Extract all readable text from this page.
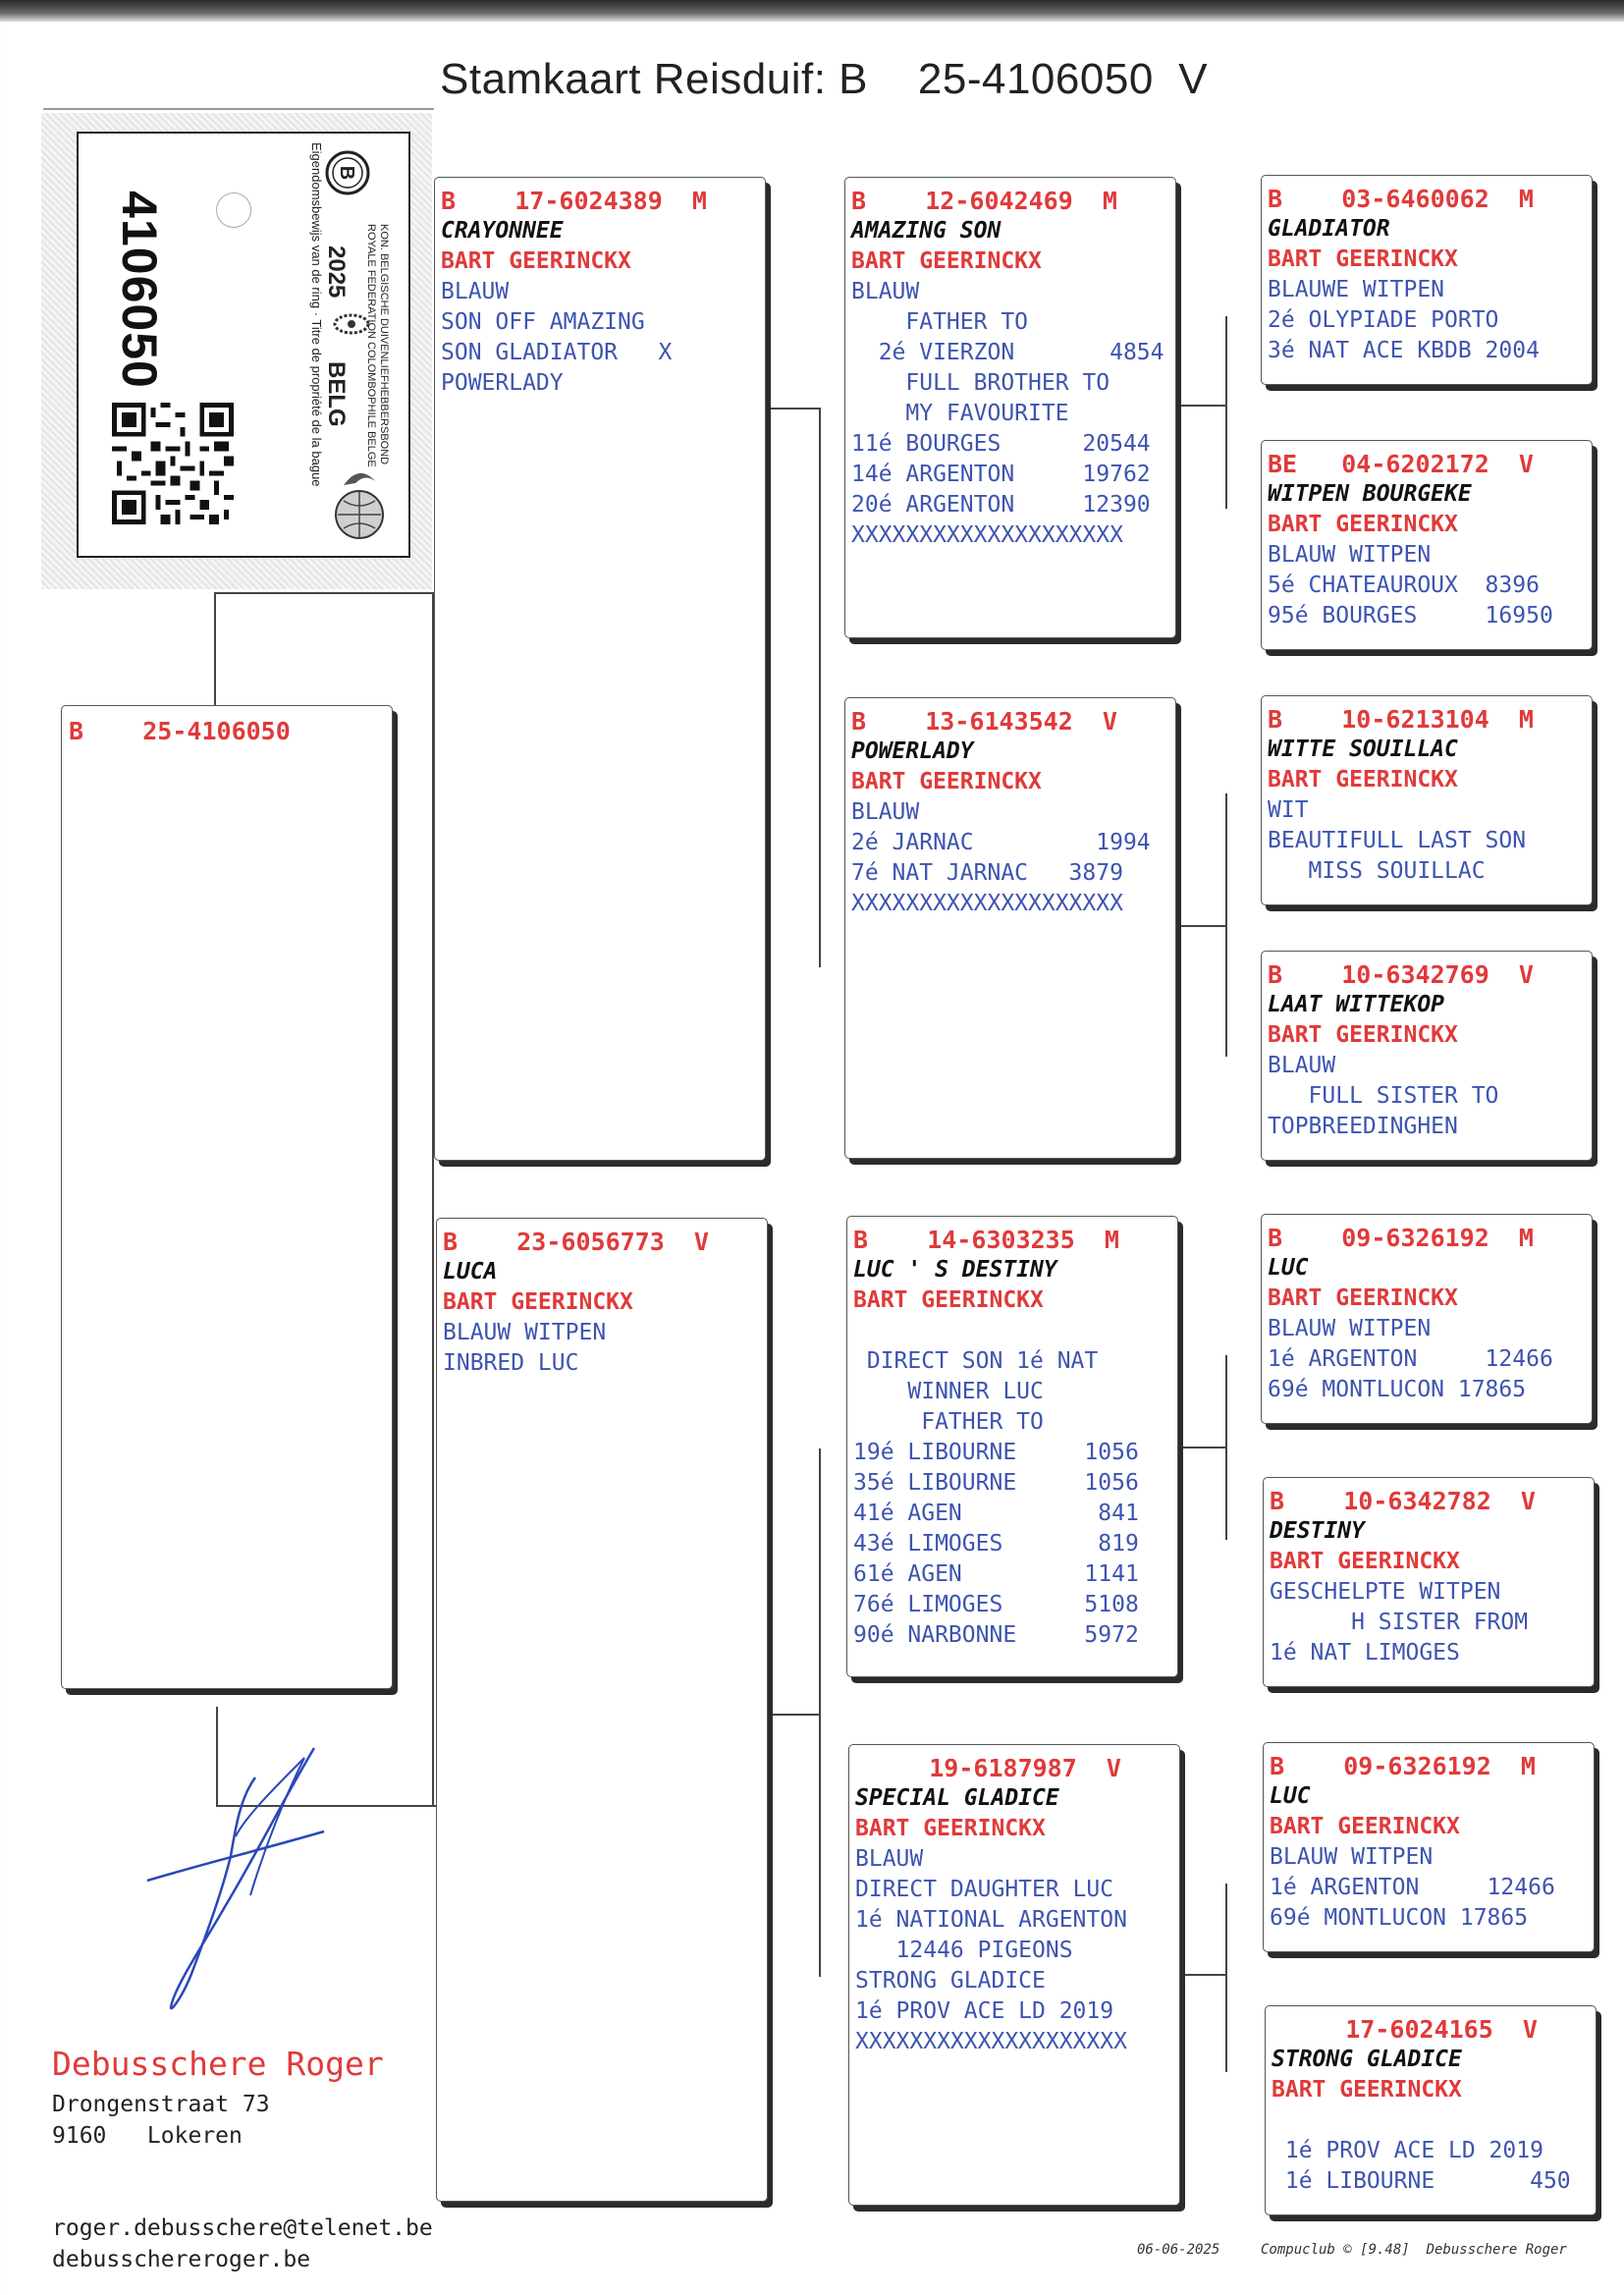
Stamkaart Reisduif: B    25-4106050  V
4106050	Eigendomsbewijs van de ring · Titre de propriété de la bague B
KON. BELGISCHE DUIVENLIEFHEBBERSBOND
ROYALE FEDERATION COLOMBOPHILE BELGE
2025
BELG
B    25-4106050
B    17-6024389  M
CRAYONNEE
BART GEERINCKX
BLAUW
SON OFF AMAZING
SON GLADIATOR   X
POWERLADY
B    23-6056773  V
LUCA
BART GEERINCKX
BLAUW WITPEN
INBRED LUC
B    12-6042469  M
AMAZING SON
BART GEERINCKX
BLAUW
FATHER TO
2é VIERZON       4854
FULL BROTHER TO
MY FAVOURITE
11é BOURGES      20544
14é ARGENTON     19762
20é ARGENTON     12390
XXXXXXXXXXXXXXXXXXXX
B    13-6143542  V
POWERLADY
BART GEERINCKX
BLAUW
2é JARNAC         1994
7é NAT JARNAC   3879
XXXXXXXXXXXXXXXXXXXX
B    14-6303235  M
LUC ' S DESTINY
BART GEERINCKX
DIRECT SON 1é NAT
WINNER LUC
FATHER TO
19é LIBOURNE     1056
35é LIBOURNE     1056
41é AGEN          841
43é LIMOGES       819
61é AGEN         1141
76é LIMOGES      5108
90é NARBONNE     5972
19-6187987  V
SPECIAL GLADICE
BART GEERINCKX
BLAUW
DIRECT DAUGHTER LUC
1é NATIONAL ARGENTON
12446 PIGEONS
STRONG GLADICE
1é PROV ACE LD 2019
XXXXXXXXXXXXXXXXXXXX
B    03-6460062  M
GLADIATOR
BART GEERINCKX
BLAUWE WITPEN
2é OLYPIADE PORTO
3é NAT ACE KBDB 2004
BE   04-6202172  V
WITPEN BOURGEKE
BART GEERINCKX
BLAUW WITPEN
5é CHATEAUROUX  8396
95é BOURGES     16950
B    10-6213104  M
WITTE SOUILLAC
BART GEERINCKX
WIT
BEAUTIFULL LAST SON
MISS SOUILLAC
B    10-6342769  V
LAAT WITTEKOP
BART GEERINCKX
BLAUW
FULL SISTER TO
TOPBREEDINGHEN
B    09-6326192  M
LUC
BART GEERINCKX
BLAUW WITPEN
1é ARGENTON     12466
69é MONTLUCON 17865
B    10-6342782  V
DESTINY
BART GEERINCKX
GESCHELPTE WITPEN
H SISTER FROM
1é NAT LIMOGES
B    09-6326192  M
LUC
BART GEERINCKX
BLAUW WITPEN
1é ARGENTON     12466
69é MONTLUCON 17865
17-6024165  V
STRONG GLADICE
BART GEERINCKX
1é PROV ACE LD 2019
1é LIBOURNE       450
Debusschere Roger
Drongenstraat 73
9160   Lokeren
roger.debusschere@telenet.be
debusschereroger.be	06-06-2025	Compuclub © [9.48]  Debusschere Roger
